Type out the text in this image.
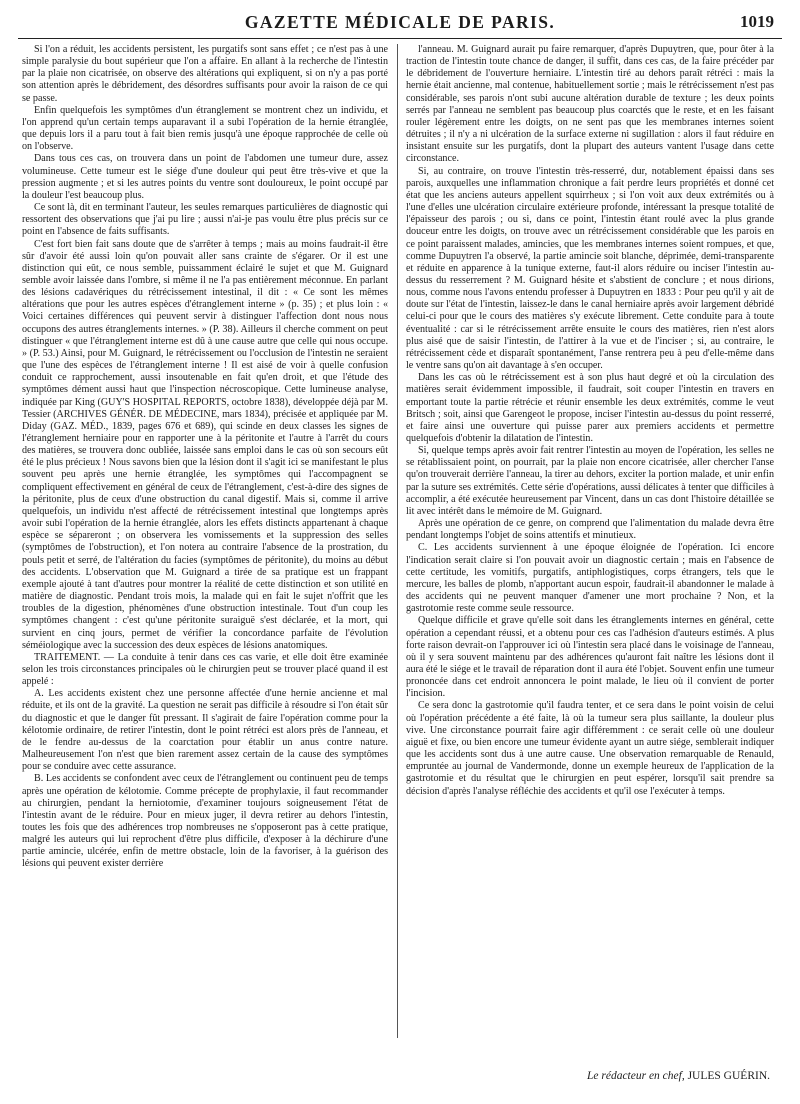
GAZETTE MÉDICALE DE PARIS.	1019

Si l'on a réduit, les accidents persistent, les purgatifs sont sans effet ; ce n'est pas à une simple paralysie du bout supérieur que l'on a affaire. En allant à la recherche de l'intestin par la plaie non cicatrisée, on observe des altérations qui expliquent, si on n'y a pas porté son attention après le débridement, des désordres suffisants pour avoir la raison de ce qui se passe.

Enfin quelquefois les symptômes d'un étranglement se montrent chez un individu, et l'on apprend qu'un certain temps auparavant il a subi l'opération de la hernie étranglée, que depuis lors il a paru tout à fait bien remis jusqu'à une époque rapprochée de celle où on l'observe.

Dans tous ces cas, on trouvera dans un point de l'abdomen une tumeur dure, assez volumineuse. Cette tumeur est le siége d'une douleur qui peut être très-vive et que la pression augmente ; et si les autres points du ventre sont douloureux, le point occupé par la douleur l'est beaucoup plus.

Ce sont là, dit en terminant l'auteur, les seules remarques particulières de diagnostic qui ressortent des observations que j'ai pu lire ; aussi n'ai-je pas voulu être plus précis sur ce point en l'absence de faits suffisants.

C'est fort bien fait sans doute que de s'arrêter à temps ; mais au moins faudrait-il être sûr d'avoir été aussi loin qu'on pouvait aller sans crainte de s'égarer. Or il est une distinction qui eût, ce nous semble, puissamment éclairé le sujet et que M. Guignard semble avoir laissée dans l'ombre, si même il ne l'a pas entièrement méconnue. En parlant des lésions cadavériques du rétrécissement intestinal, il dit : « Ce sont les mêmes altérations que pour les autres espèces d'étranglement interne » (p. 35) ; et plus loin : « Voici certaines différences qui peuvent servir à distinguer l'affection dont nous nous occupons des autres étranglements internes. » (P. 38). Ailleurs il cherche comment on peut distinguer « que l'étranglement interne est dû à une cause autre que celle qui nous occupe. » (P. 53.) Ainsi, pour M. Guignard, le rétrécissement ou l'occlusion de l'intestin ne seraient que l'une des espèces de l'étranglement interne ! Il est aisé de voir à quelle confusion conduit ce rapprochement, aussi insoutenable en fait qu'en droit, et que l'étude des symptômes dément aussi haut que l'inspection nécroscopique. Cette lumineuse analyse, indiquée par King (GUY'S HOSPITAL REPORTS, octobre 1838), développée déjà par M. Tessier (ARCHIVES GÉNÉR. DE MÉDECINE, mars 1834), précisée et appliquée par M. Diday (GAZ. MÉD., 1839, pages 676 et 689), qui scinde en deux classes les signes de l'étranglement herniaire pour en rapporter une à la péritonite et l'autre à l'arrêt du cours des matières, se trouvera donc oubliée, laissée sans emploi dans le cas où son secours eût été le plus précieux ! Nous savons bien que la lésion dont il s'agit ici se manifestant le plus souvent peu après une hernie étranglée, les symptômes qui l'accompagnent se compliquent effectivement en général de ceux de l'étranglement, c'est-à-dire des signes de la péritonite, plus de ceux d'une obstruction du canal digestif. Mais si, comme il arrive quelquefois, un individu n'est affecté de rétrécissement intestinal que longtemps après avoir subi l'opération de la hernie étranglée, alors les effets distincts appartenant à chaque espèce se sépareront ; on observera les vomissements et la suppression des selles (symptômes de l'obstruction), et l'on notera au contraire l'absence de la prostration, du pouls petit et serré, de l'altération du facies (symptômes de péritonite), du moins au début des accidents. L'observation que M. Guignard a tirée de sa pratique est un frappant exemple ajouté à tant d'autres pour montrer la réalité de cette distinction et son utilité en matière de diagnostic. Pendant trois mois, la malade qui en fait le sujet n'offrit que les troubles de la digestion, phénomènes d'une obstruction intestinale. Tout d'un coup les symptômes changent : c'est qu'une péritonite suraiguë s'est déclarée, et la mort, qui survient en cinq jours, permet de vérifier la concordance parfaite de l'évolution séméiologique avec la succession des deux espèces de lésions anatomiques.

TRAITEMENT. — La conduite à tenir dans ces cas varie, et elle doit être examinée selon les trois circonstances principales où le chirurgien peut se trouver placé quand il est appelé :

A. Les accidents existent chez une personne affectée d'une hernie ancienne et mal réduite, et ils ont de la gravité. La question ne serait pas difficile à résoudre si l'on était sûr du diagnostic et que le danger fût pressant. Il s'agirait de faire l'opération comme pour la kélotomie ordinaire, de retirer l'intestin, dont le point rétréci est alors près de l'anneau, et de le fendre au-dessus de la coarctation pour établir un anus contre nature. Malheureusement l'on n'est que bien rarement assez certain de la cause des symptômes pour se conduire avec cette assurance.

B. Les accidents se confondent avec ceux de l'étranglement ou continuent peu de temps après une opération de kélotomie. Comme précepte de prophylaxie, il faut recommander au chirurgien, pendant la herniotomie, d'examiner toujours soigneusement l'état de l'intestin avant de le réduire. Pour en mieux juger, il devra retirer au dehors l'intestin, toutes les fois que des adhérences trop nombreuses ne s'opposeront pas à cette pratique, malgré les auteurs qui lui reprochent d'être plus difficile, d'exposer à la déchirure d'une partie amincie, ulcérée, enfin de mettre obstacle, loin de la favoriser, à la guérison des lésions qui peuvent exister derrière

l'anneau. M. Guignard aurait pu faire remarquer, d'après Dupuytren, que, pour ôter à la traction de l'intestin toute chance de danger, il suffit, dans ces cas, de la faire précéder par le débridement de l'ouverture herniaire. L'intestin tiré au dehors paraît rétréci : mais la hernie était ancienne, mal contenue, habituellement sortie ; mais le rétrécissement n'est pas considérable, ses parois n'ont subi aucune altération durable de texture ; les deux points serrés par l'anneau ne semblent pas beaucoup plus coarctés que le reste, et en les faisant rouler légèrement entre les doigts, on ne sent pas que les membranes internes soient détruites ; il n'y a ni ulcération de la surface externe ni sugillation : alors il faut réduire en insistant ensuite sur les purgatifs, dont la plupart des auteurs vantent l'usage dans cette circonstance.

Si, au contraire, on trouve l'intestin très-resserré, dur, notablement épaissi dans ses parois, auxquelles une inflammation chronique a fait perdre leurs propriétés et donné cet état que les anciens auteurs appellent squirrheux ; si l'on voit aux deux extrémités ou à l'une d'elles une ulcération circulaire extérieure profonde, intéressant la presque totalité de l'épaisseur des parois ; ou si, dans ce point, l'intestin étant roulé avec la plus grande douceur entre les doigts, on trouve avec un rétrécissement considérable que les parois en ce point paraissent malades, amincies, que les membranes internes soient rompues, et que, comme Dupuytren l'a observé, la partie amincie soit blanche, déprimée, demi-transparente et réduite en apparence à la tunique externe, faut-il alors réduire ou inciser l'intestin au-dessus du resserrement ? M. Guignard hésite et s'abstient de conclure ; et nous dirions, nous, comme nous l'avons entendu professer à Dupuytren en 1833 : Pour peu qu'il y ait de doute sur l'état de l'intestin, laissez-le dans le canal herniaire après avoir largement débridé celui-ci pour que le cours des matières s'y exécute librement. Cette conduite para à toute éventualité : car si le rétrécissement arrête ensuite le cours des matières, rien n'est alors plus aisé que de saisir l'intestin, de l'attirer à la vue et de l'inciser ; si, au contraire, le rétrécissement cède et disparaît spontanément, l'anse rentrera peu à peu d'elle-même dans le ventre sans qu'on ait davantage à s'en occuper.

Dans les cas où le rétrécissement est à son plus haut degré et où la circulation des matières serait évidemment impossible, il faudrait, soit couper l'intestin en travers en emportant toute la partie rétrécie et réunir ensemble les deux extrémités, comme le veut Britsch ; soit, ainsi que Garengeot le propose, inciser l'intestin au-dessus du point resserré, et faire ainsi une ouverture qui puisse parer aux premiers accidents et permettre quelquefois d'obtenir la dilatation de l'intestin.

Si, quelque temps après avoir fait rentrer l'intestin au moyen de l'opération, les selles ne se rétablissaient point, on pourrait, par la plaie non encore cicatrisée, aller chercher l'anse qu'on trouverait derrière l'anneau, la tirer au dehors, exciter la portion malade, et unir enfin par la suture ses extrémités. Cette série d'opérations, aussi délicates à tenter que difficiles à accomplir, a été exécutée heureusement par Vincent, dans un cas dont l'histoire détaillée se lit avec intérêt dans le mémoire de M. Guignard.

Après une opération de ce genre, on comprend que l'alimentation du malade devra être pendant longtemps l'objet de soins attentifs et minutieux.

C. Les accidents surviennent à une époque éloignée de l'opération. Ici encore l'indication serait claire si l'on pouvait avoir un diagnostic certain ; mais en l'absence de cette certitude, les vomitifs, purgatifs, antiphlogistiques, corps étrangers, tels que le mercure, les balles de plomb, n'apportant aucun espoir, faudrait-il abandonner le malade à des accidents qui ne peuvent manquer d'amener une mort prochaine ? Non, et la gastrotomie reste comme seule ressource.

Quelque difficile et grave qu'elle soit dans les étranglements internes en général, cette opération a cependant réussi, et a obtenu pour ces cas l'adhésion d'auteurs estimés. A plus forte raison devrait-on l'approuver ici où l'intestin sera placé dans le voisinage de l'anneau, où il y sera souvent maintenu par des adhérences qu'auront fait naître les lésions dont il aura été le siége et le travail de réparation dont il aura été l'objet. Souvent enfin une tumeur prononcée dans cet endroit annoncera le point malade, le lieu où il convient de porter l'incision.

Ce sera donc la gastrotomie qu'il faudra tenter, et ce sera dans le point voisin de celui où l'opération précédente a été faite, là où la tumeur sera plus saillante, la douleur plus vive. Une circonstance pourrait faire agir différemment : ce serait celle où une douleur aiguë et fixe, ou bien encore une tumeur évidente ayant un autre siége, semblerait indiquer que les accidents sont dus à une autre cause. Une observation remarquable de Renauld, empruntée au journal de Vandermonde, donne un exemple heureux de l'application de la gastrotomie et du résultat que le chirurgien en peut espérer, lorsqu'il sait prendre sa décision d'après l'analyse réfléchie des accidents et qu'il ose l'exécuter à temps.

Le rédacteur en chef, JULES GUÉRIN.
